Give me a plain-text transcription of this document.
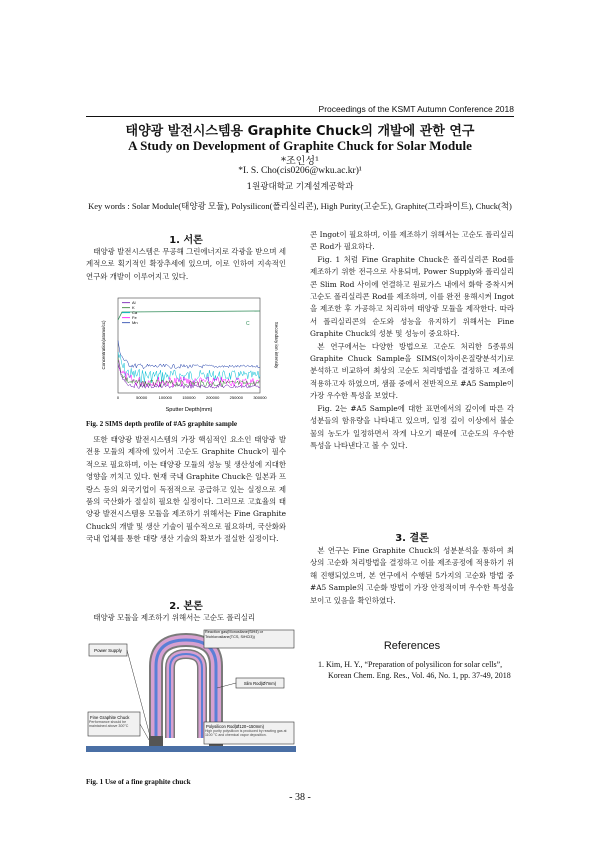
Proceedings of the KSMT Autumn Conference 2018
태양광 발전시스템용 Graphite Chuck의 개발에 관한 연구
A Study on Development of Graphite Chuck for Solar Module
*조인성¹
*I. S. Cho(cis0206@wku.ac.kr)¹
1원광대학교 기계설계공학과
Key words : Solar Module(태양광 모듈), Polysilicon(폴리실리콘), High Purity(고순도), Graphite(그라파이트), Chuck(척)
1. 서론

태양광 발전시스템은 무공해 그린에너지로 각광을 받으며 세계적으로 획기적인 확장추세에 있으며, 이로 인하여 지속적인 연구와 개발이 이루어지고 있다.

Al
K
Ca
Fe
Mn
0	50000	100000	150000	200000	250000	300000
Sputter Depth(mm)
Concentration(atoms/cc)	Secondary ion intensity
C
Fig. 2 SIMS depth profile of #A5 graphite sample

또한 태양광 발전시스템의 가장 핵심적인 요소인 태양광 발전용 모듈의 제작에 있어서 고순도 Graphite Chuck이 필수적으로 필요하며, 이는 태양광 모듈의 성능 및 생산성에 지대한 영향을 끼치고 있다. 현재 국내 Graphite Chuck은 일본과 프랑스 등의 외국기업이 독점적으로 공급하고 있는 실정으로 제품의 국산화가 절실히 필요한 실정이다. 그러므로 고효율의 태양광 발전시스템용 모듈을 제조하기 위해서는 Fine Graphite Chuck의 개발 및 생산 기술이 필수적으로 필요하며, 국산화와 국내 업체를 통한 대량 생산 기술의 확보가 절실한 실정이다.

2. 본론

태양광 모듈을 제조하기 위해서는 고순도 폴리실리

Power Supply
Reaction gas(Monosilane(SiH4) or Trichlorosilane(TCS, SiHCl3))
Slim Rod(Ø7mm)
Fine Graphite Chuck
Performance should be maintained above 300°C	Polysilicon Rod(Ø120~150mm)
High purity polysilicon is produced by reacting gas at 1100 °C and chemical vapor deposition.
Fig. 1 Use of a fine graphite chuck

콘 Ingot이 필요하며, 이를 제조하기 위해서는 고순도 폴리실리콘 Rod가 필요하다.

Fig. 1 처럼 Fine Graphite Chuck은 폴리실리콘 Rod를 제조하기 위한 전극으로 사용되며, Power Supply와 폴리실리콘 Slim Rod 사이에 연결하고 원료가스 내에서 화학 증착시켜 고순도 폴리실리콘 Rod를 제조하며, 이를 완전 용해시켜 Ingot을 제조한 후 가공하고 처리하여 태양광 모듈을 제작한다. 따라서 폴리실리콘의 순도와 성능을 유지하기 위해서는 Fine Graphite Chuck의 성분 및 성능이 중요하다.

본 연구에서는 다양한 방법으로 고순도 처리한 5종류의 Graphite Chuck Sample을 SIMS(이차이온질량분석기)로 분석하고 비교하여 최상의 고순도 처리방법을 결정하고 제조에 적용하고자 하였으며, 샘플 중에서 전반적으로 #A5 Sample이 가장 우수한 특성을 보였다.

Fig. 2는 #A5 Sample에 대한 표면에서의 깊이에 따른 각 성분들의 함유량을 나타내고 있으며, 일정 깊이 이상에서 불순물의 농도가 일정하면서 작게 나오기 때문에 고순도의 우수한 특성을 나타낸다고 볼 수 있다.

3. 결론

본 연구는 Fine Graphite Chuck의 성분분석을 통하여 최상의 고순화 처리방법을 결정하고 이를 제조공정에 적용하기 위해 진행되었으며, 본 연구에서 수행된 5가지의 고순화 방법 중 #A5 Sample의 고순화 방법이 가장 안정적이며 우수한 특성을 보이고 있음을 확인하였다.

References
1. Kim, H. Y., “Preparation of polysilicon for solar cells”, Korean Chem. Eng. Res., Vol. 46, No. 1, pp. 37-49, 2018
- 38 -
